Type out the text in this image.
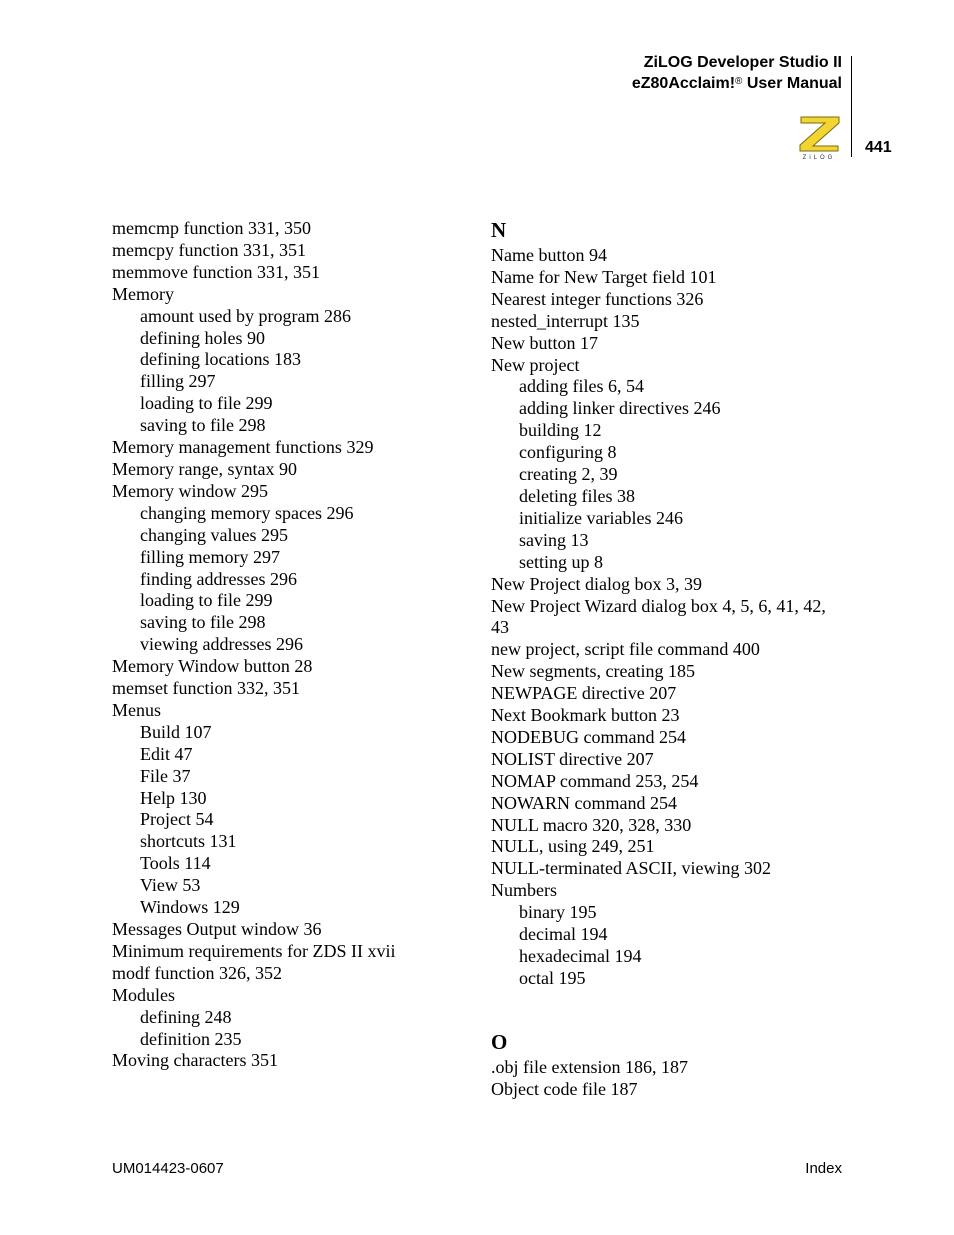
ZiLOG Developer Studio II
eZ80Acclaim!® User Manual
ZiLOG
441
memcmp function 331, 350
memcpy function 331, 351
memmove function 331, 351
Memory
amount used by program 286
defining holes 90
defining locations 183
filling 297
loading to file 299
saving to file 298
Memory management functions 329
Memory range, syntax 90
Memory window 295
changing memory spaces 296
changing values 295
filling memory 297
finding addresses 296
loading to file 299
saving to file 298
viewing addresses 296
Memory Window button 28
memset function 332, 351
Menus
Build 107
Edit 47
File 37
Help 130
Project 54
shortcuts 131
Tools 114
View 53
Windows 129
Messages Output window 36
Minimum requirements for ZDS II xvii
modf function 326, 352
Modules
defining 248
definition 235
Moving characters 351
N
Name button 94
Name for New Target field 101
Nearest integer functions 326
nested_interrupt 135
New button 17
New project
adding files 6, 54
adding linker directives 246
building 12
configuring 8
creating 2, 39
deleting files 38
initialize variables 246
saving 13
setting up 8
New Project dialog box 3, 39
New Project Wizard dialog box 4, 5, 6, 41, 42, 43
new project, script file command 400
New segments, creating 185
NEWPAGE directive 207
Next Bookmark button 23
NODEBUG command 254
NOLIST directive 207
NOMAP command 253, 254
NOWARN command 254
NULL macro 320, 328, 330
NULL, using 249, 251
NULL-terminated ASCII, viewing 302
Numbers
binary 195
decimal 194
hexadecimal 194
octal 195
O
.obj file extension 186, 187
Object code file 187
UM014423-0607	Index
